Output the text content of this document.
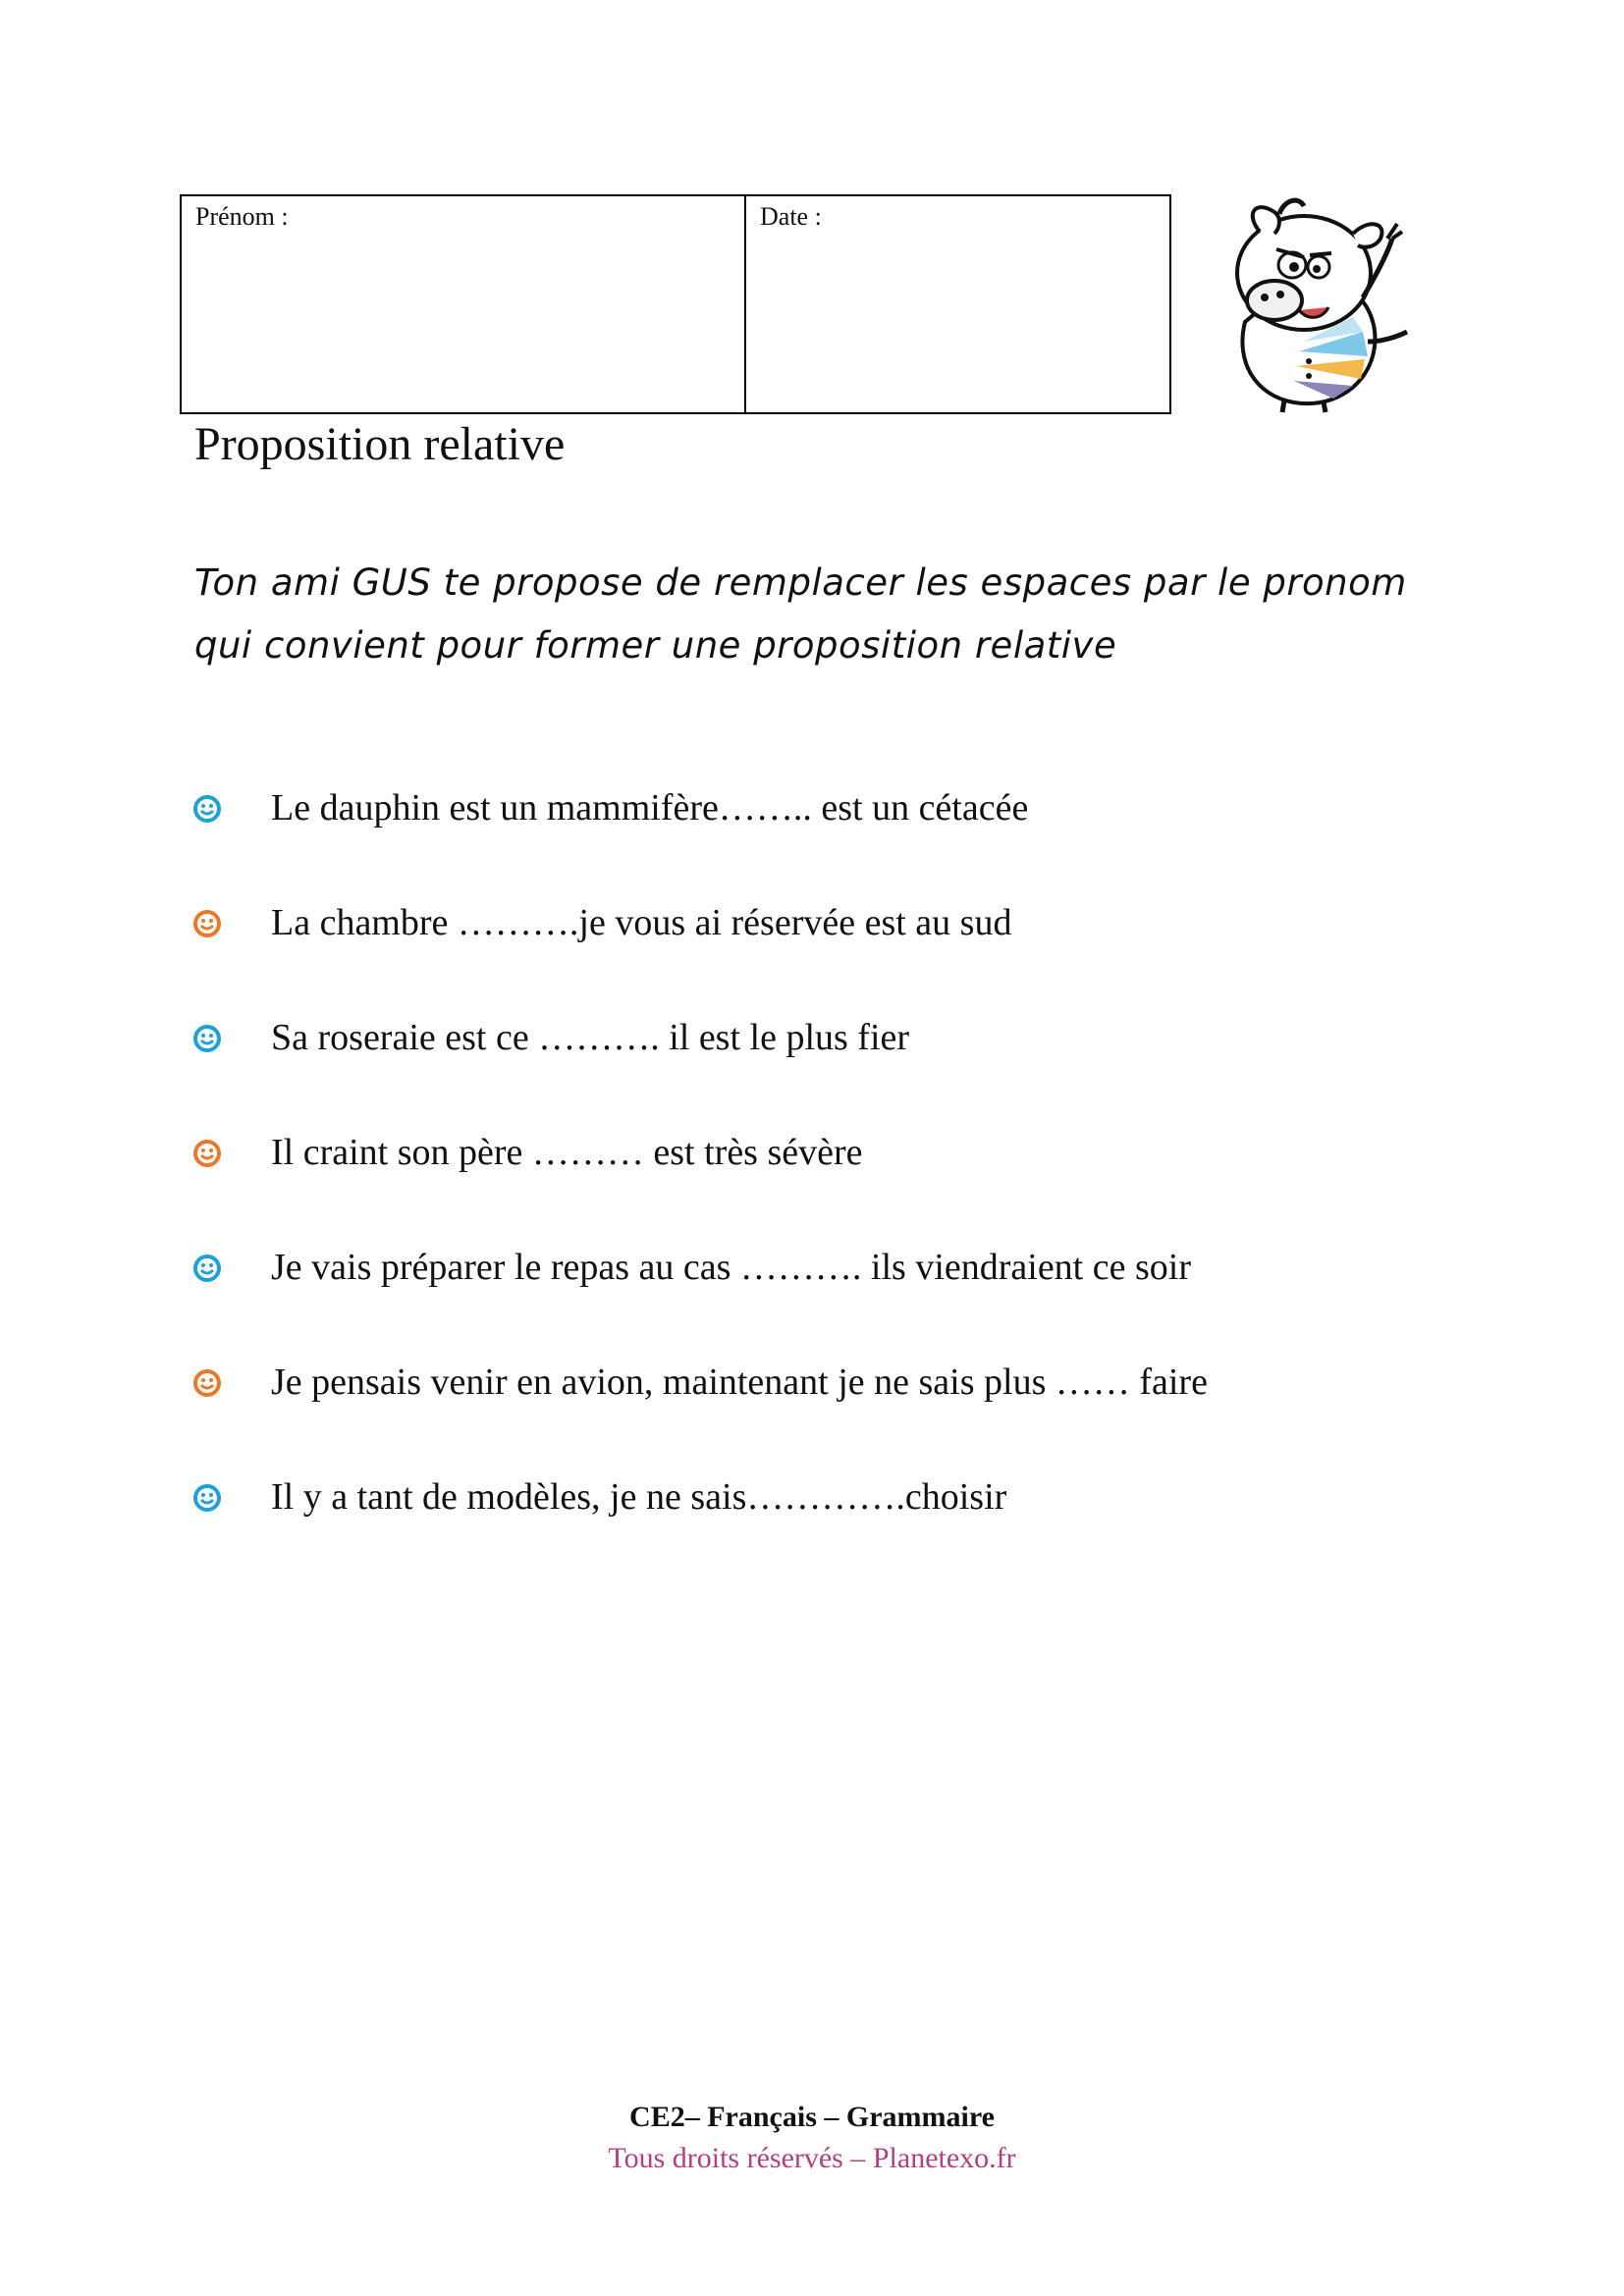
Prénom :	Date :
Proposition relative

Ton ami GUS te propose de remplacer les espaces par le pronom qui convient pour former une proposition relative

Le dauphin est un mammifère…….. est un cétacée
La chambre ……….je vous ai réservée est au sud
Sa roseraie est ce ………. il est le plus fier
Il craint son père ……… est très sévère
Je vais préparer le repas au cas ………. ils viendraient ce soir
Je pensais venir en avion, maintenant je ne sais plus …… faire
Il y a tant de modèles, je ne sais………….choisir

CE2– Français – Grammaire

Tous droits réservés – Planetexo.fr
